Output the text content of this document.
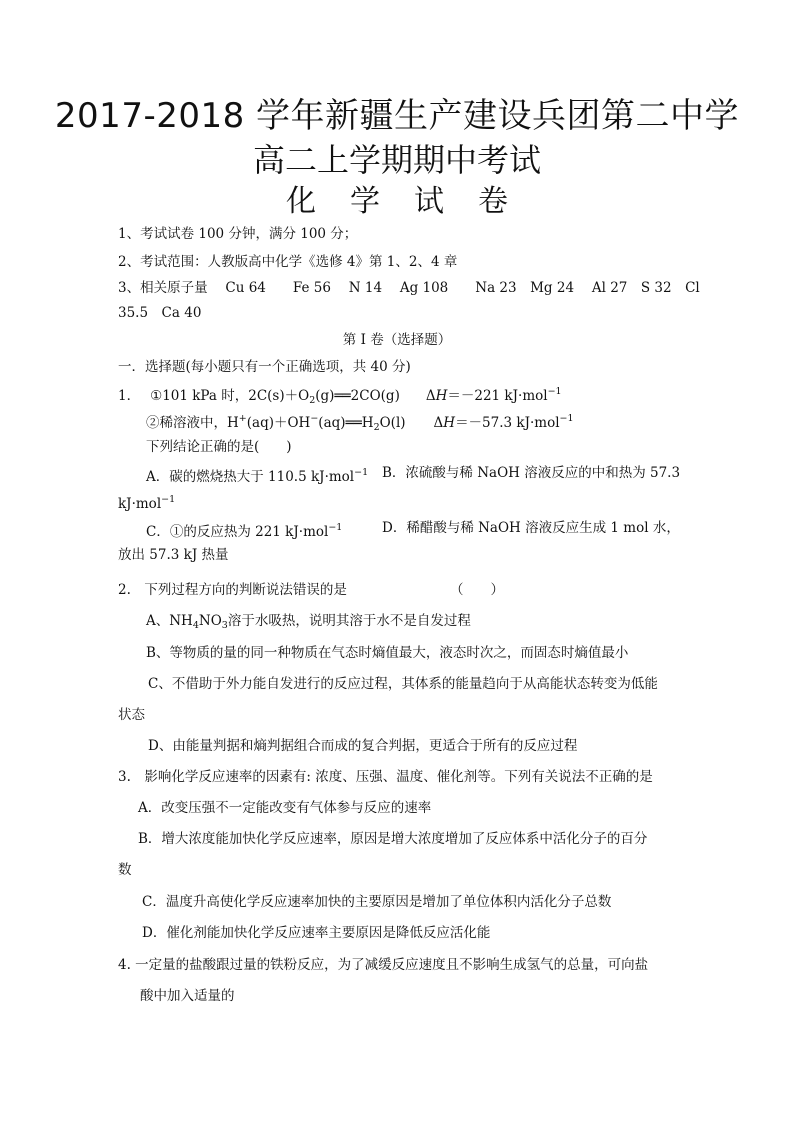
2017-2018 学年新疆生产建设兵团第二中学
高二上学期期中考试
化学试卷
1、考试试卷 100 分钟，满分 100 分；
2、考试范围：人教版高中化学《选修 4》第 1、2、4 章
3、相关原子量　 Cu 64　　Fe 56　 N 14　 Ag 108　　Na 23　Mg 24　 Al 27　S 32　Cl
35.5　Ca 40
第 I 卷（选择题）
一．选择题(每小题只有一个正确选项，共 40 分)
1． ①101 kPa 时，$2C(s)+O_2(g)══2CO(g)$ ΔH＝－221 kJ·mol$^{-1}$
②稀溶液中，$H^+(aq)+OH^-(aq)══H_2O(l)$ ΔH＝－57.3 kJ·mol$^{-1}$
下列结论正确的是(　　)
A．碳的燃烧热大于 110.5 kJ·mol$^{-1}$ B．浓硫酸与稀 NaOH 溶液反应的中和热为 57.3
kJ·mol$^{-1}$
C．①的反应热为 221 kJ·mol$^{-1}$	D．稀醋酸与稀 NaOH 溶液反应生成 1 mol 水，
放出 57.3 kJ 热量
2.　下列过程方向的判断说法错误的是	（　　）
A、$NH_4NO_3$溶于水吸热，说明其溶于水不是自发过程
B、等物质的量的同一种物质在气态时熵值最大，液态时次之，而固态时熵值最小
C、不借助于外力能自发进行的反应过程，其体系的能量趋向于从高能状态转变为低能
状态
D、由能量判据和熵判据组合而成的复合判据，更适合于所有的反应过程
3.　影响化学反应速率的因素有: 浓度、压强、温度、催化剂等。下列有关说法不正确的是
A．改变压强不一定能改变有气体参与反应的速率
B．增大浓度能加快化学反应速率，原因是增大浓度增加了反应体系中活化分子的百分
数
C．温度升高使化学反应速率加快的主要原因是增加了单位体积内活化分子总数
D．催化剂能加快化学反应速率主要原因是降低反应活化能
4. 一定量的盐酸跟过量的铁粉反应，为了减缓反应速度且不影响生成氢气的总量，可向盐
酸中加入适量的
